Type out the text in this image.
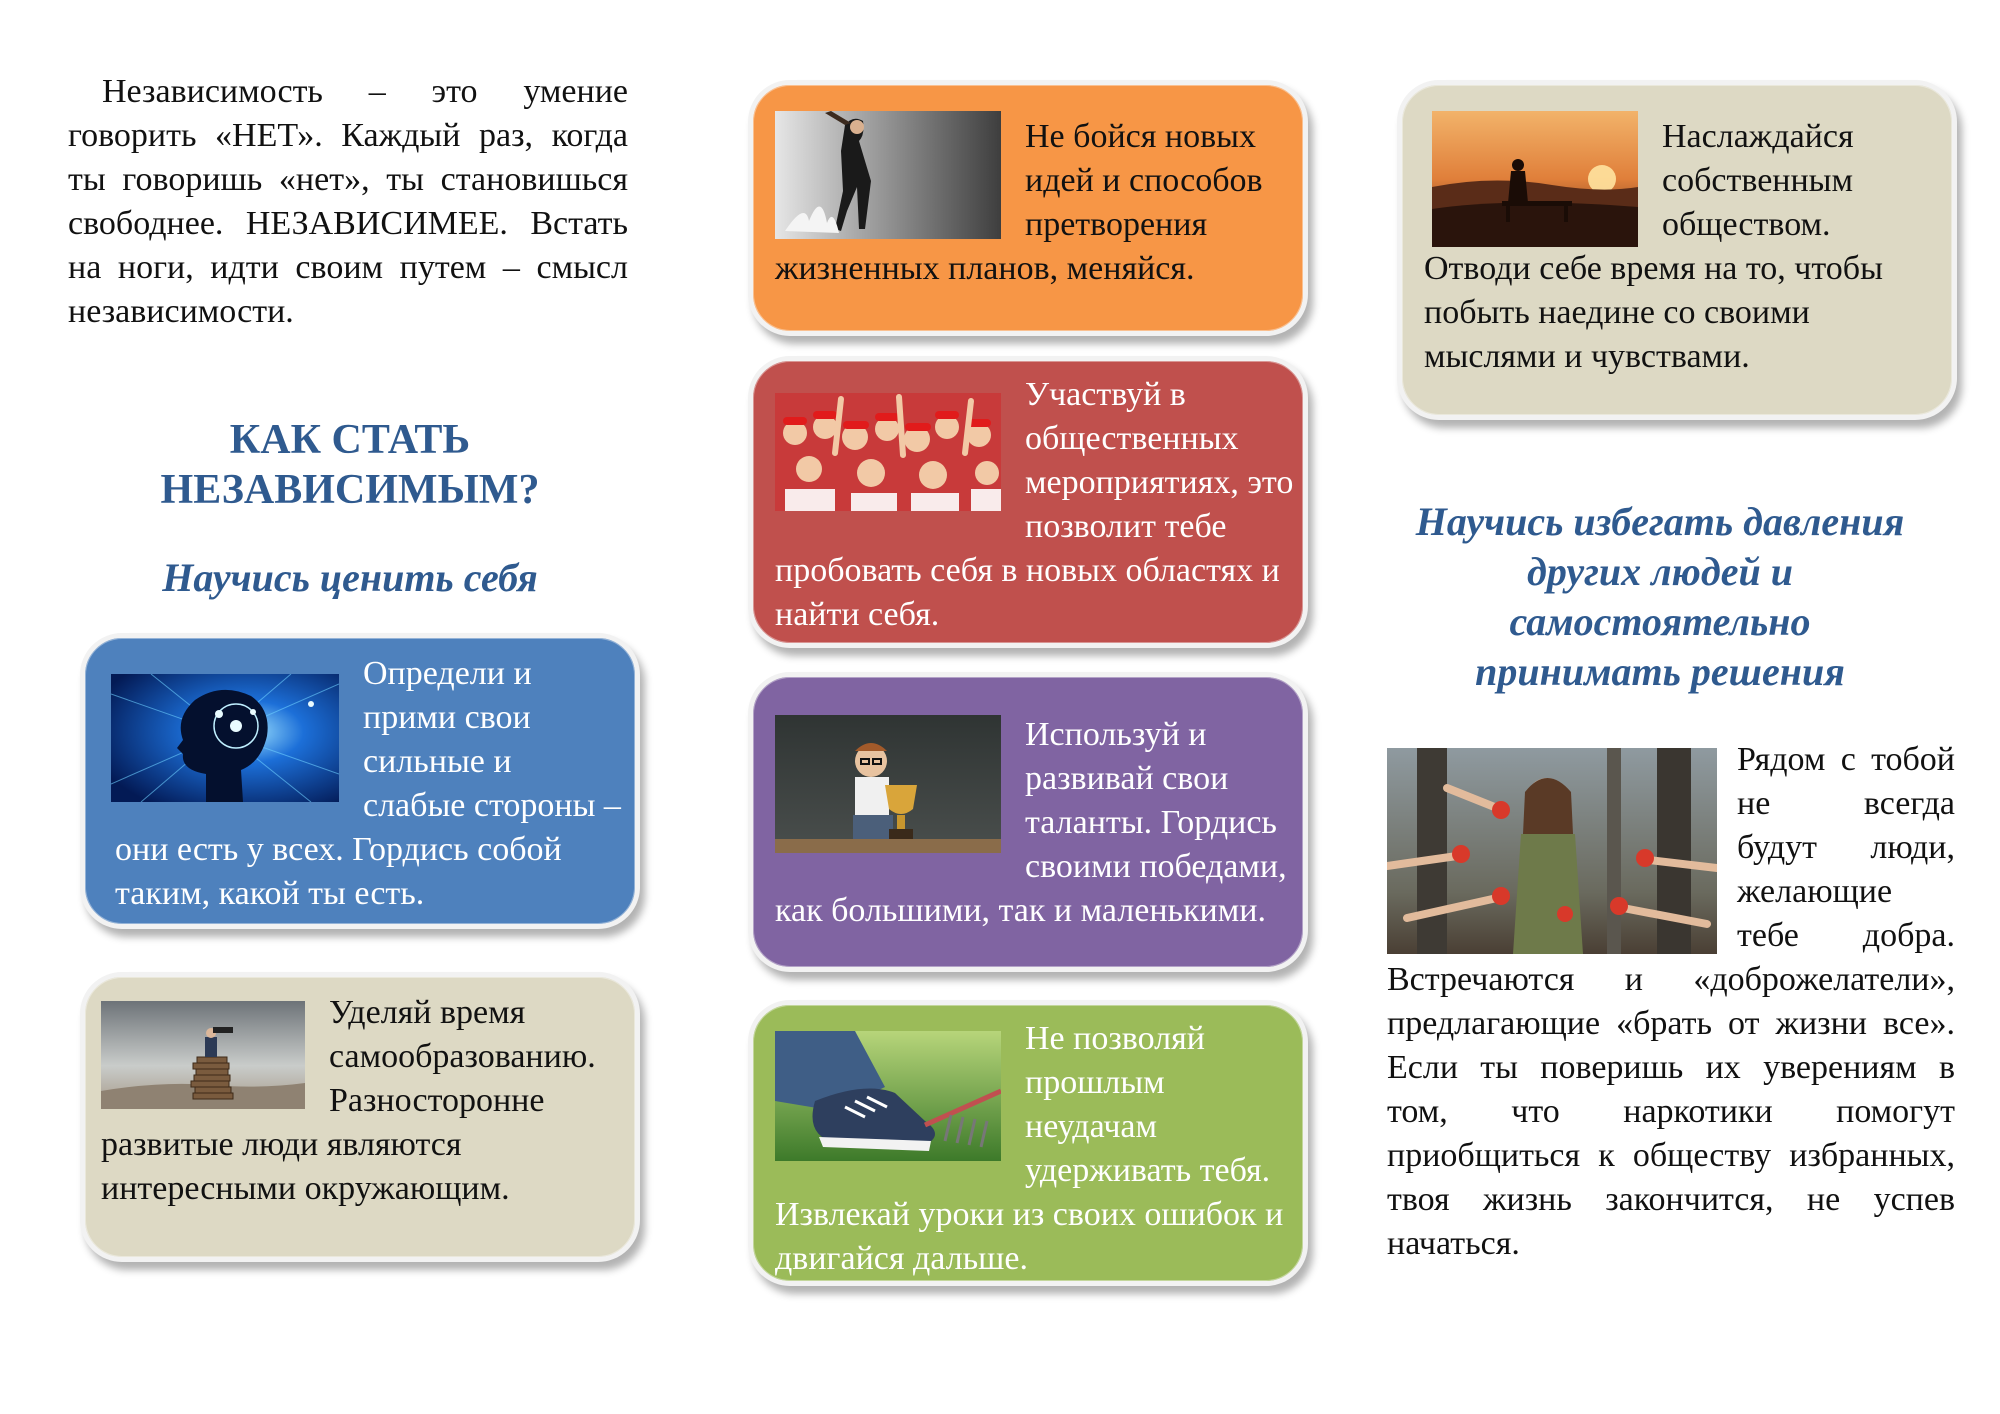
Независимость – это умение говорить «НЕТ». Каждый раз, когда ты говоришь «нет», ты становишься свободнее. НЕЗАВИСИМЕЕ. Встать на ноги, идти своим путем – смысл независимости.

КАК СТАТЬ НЕЗАВИСИМЫМ?
Научись ценить себя
Определи и прими свои сильные и слабые стороны – они есть у всех. Гордись собой таким, какой ты есть.
Уделяй время самообразованию. Разносторонне развитые люди являются интересными окружающим.
Не бойся новых идей и способов претворения жизненных планов, меняйся.
Участвуй в общественных мероприятиях, это позволит тебе пробовать себя в новых областях и найти себя.
Используй и развивай свои таланты. Гордись своими победами, как большими, так и маленькими.
Не позволяй прошлым неудачам удерживать тебя. Извлекай уроки из своих ошибок и двигайся дальше.
Наслаждайся собственным обществом. Отводи себе время на то, чтобы побыть наедине со своими мыслями и чувствами.
Научись избегать давления других людей и самостоятельно принимать решения
Рядом с тобой не всегда будут люди, желающие тебе добра. Встречаются и «доброжелатели», предлагающие «брать от жизни все». Если ты поверишь их уверениям в том, что наркотики помогут приобщиться к обществу избранных, твоя жизнь закончится, не успев начаться.
